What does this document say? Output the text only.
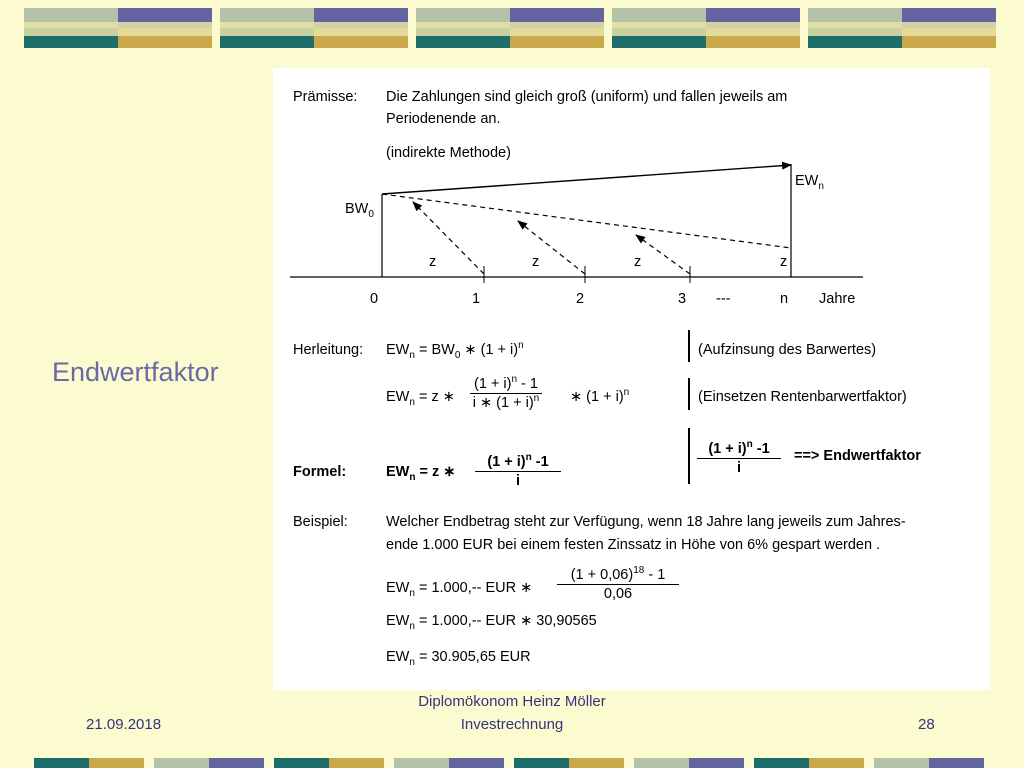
Endwertfaktor
Prämisse: Die Zahlungen sind gleich groß (uniform) und fallen jeweils am
Periodenende an.
(indirekte Methode)
$BW_0$
$EW_n$
z	z	z	z
0	1	2	3 ---	n Jahre
Herleitung: $EW_n = BW_0$ ∗ $(1 + i)^n$	(Aufzinsung des Barwertes)
$EW_n = z$ ∗ $\frac{(1 + i)^n - 1}{i ∗ (1 + i)^n}$ ∗ $(1 + i)^n$	(Einsetzen Rentenbarwertfaktor)
Formel:	$EW_n = z$ ∗ $\frac{(1 + i)^n -1}{i}$	$\frac{(1 + i)^n -1}{i}$ ==> Endwertfaktor
Beispiel:	Welcher Endbetrag steht zur Verfügung, wenn 18 Jahre lang jeweils zum Jahres-
ende 1.000 EUR bei einem festen Zinssatz in Höhe von 6% gespart werden .
$EW_n = 1.000,--$ EUR ∗ $\frac{(1 + 0,06)^{18} - 1}{0,06}$
$EW_n = 1.000,--$ EUR ∗ 30,90565
$EW_n = 30.905,65$ EUR
21.09.2018
Diplomökonom Heinz Möller
Investrechnung	28
